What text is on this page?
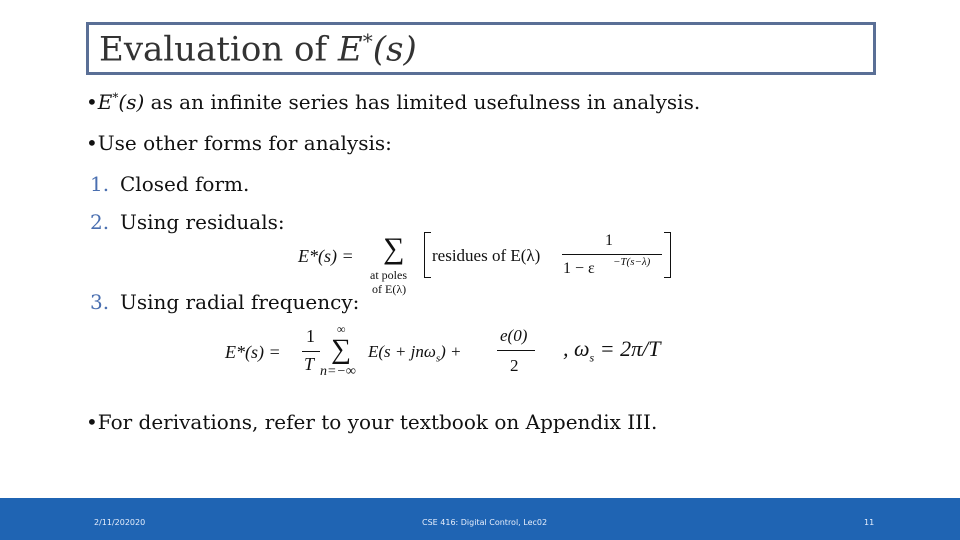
Evaluation of E*(s)
•E*(s) as an infinite series has limited usefulness in analysis.
•Use other forms for analysis:
1. Closed form.
2. Using residuals:
3. Using radial frequency:
E*(s) = ∑
at poles
of E(λ)
residues of E(λ)
1
1 − ε −T(s−λ)
E*(s) =
1
T
∞
∑
n=−∞
E(s + jnω$_s$) +
e(0)
2
, $\omega_s = 2\pi/T$
•For derivations, refer to your textbook on Appendix III.
2/11/202020	CSE 416: Digital Control, Lec02	11
